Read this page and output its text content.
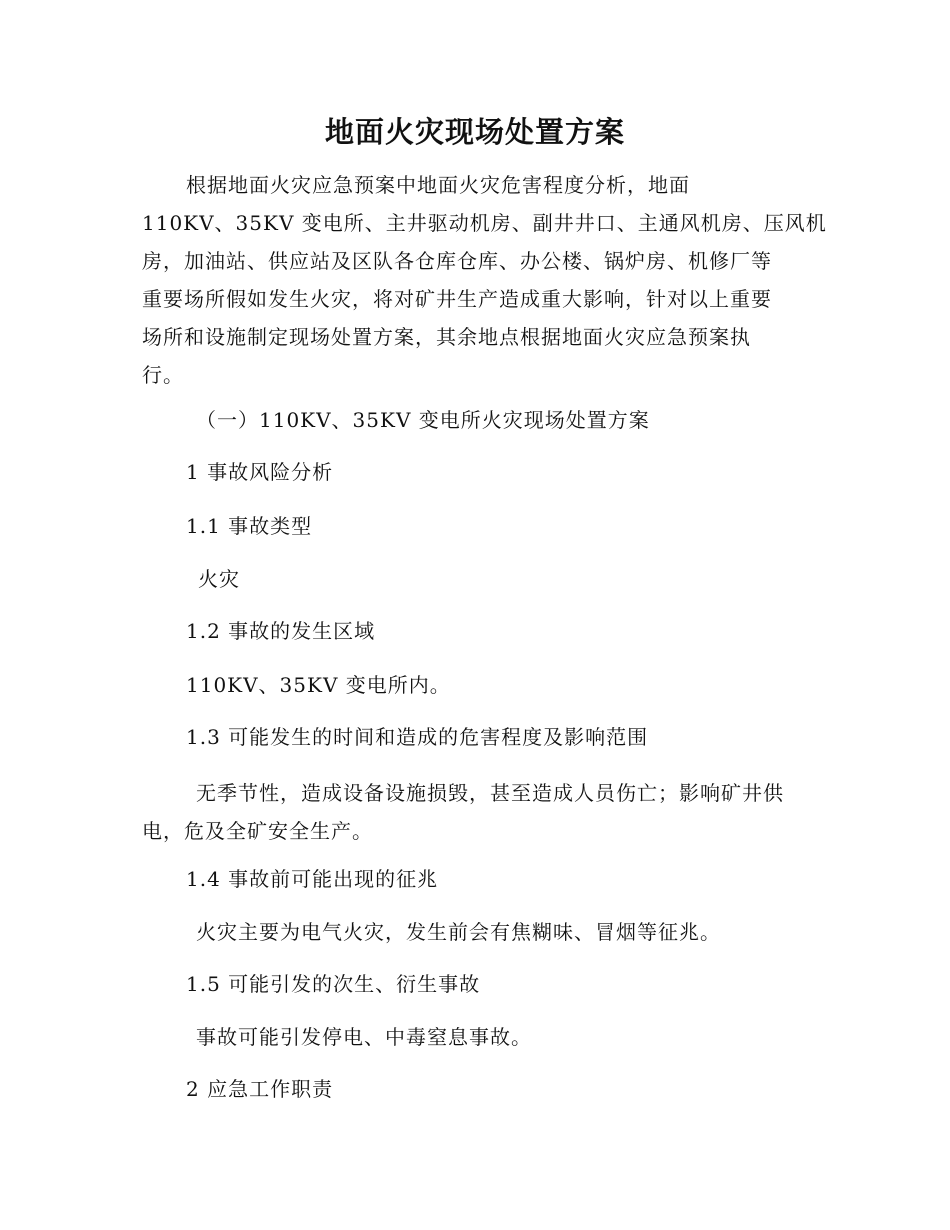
地面火灾现场处置方案

根据地面火灾应急预案中地面火灾危害程度分析，地面
110KV、35KV 变电所、主井驱动机房、副井井口、主通风机房、压风机
房，加油站、供应站及区队各仓库仓库、办公楼、锅炉房、机修厂等
重要场所假如发生火灾，将对矿井生产造成重大影响，针对以上重要
场所和设施制定现场处置方案，其余地点根据地面火灾应急预案执
行。

（一）110KV、35KV 变电所火灾现场处置方案

1 事故风险分析

1.1 事故类型

火灾

1.2 事故的发生区域

110KV、35KV 变电所内。

1.3 可能发生的时间和造成的危害程度及影响范围

无季节性，造成设备设施损毁，甚至造成人员伤亡；影响矿井供
电，危及全矿安全生产。

1.4 事故前可能出现的征兆

火灾主要为电气火灾，发生前会有焦糊味、冒烟等征兆。

1.5 可能引发的次生、衍生事故

事故可能引发停电、中毒窒息事故。

2 应急工作职责
